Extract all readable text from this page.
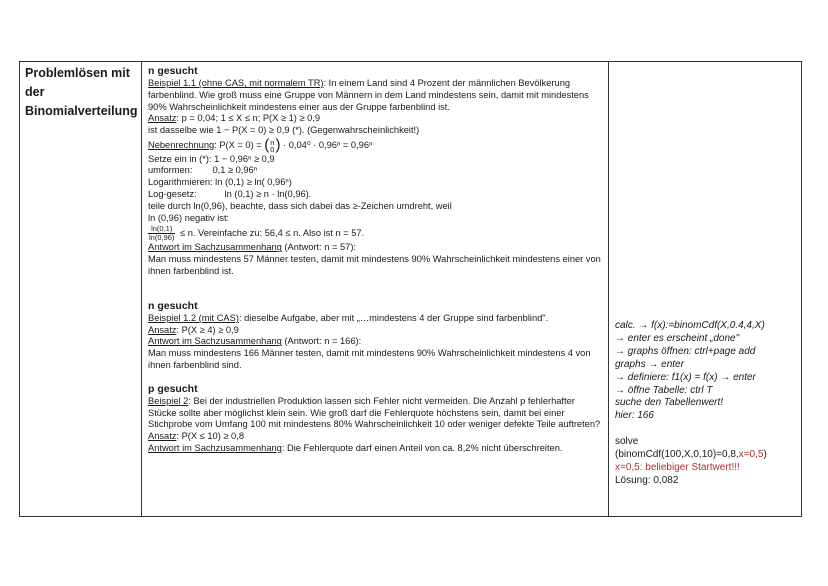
Problemlösen mit
der
Binomialverteilung
n gesucht
Beispiel 1.1 (ohne CAS, mit normalem TR): In einem Land sind 4 Prozent der männlichen Bevölkerung farbenblind. Wie groß muss eine Gruppe von Männern in dem Land mindestens sein, damit mit mindestens 90% Wahrscheinlichkeit mindestens einer aus der Gruppe farbenblind ist.
Ansatz: p = 0,04; 1 ≤ X ≤ n; P(X ≥ 1) ≥ 0,9
ist dasselbe wie 1 − P(X = 0) ≥ 0,9 (*). (Gegenwahrscheinlichkeit!)
Nebenrechnung: P(X = 0) = ( n
0 ) · 0,04⁰ · 0,96ⁿ = 0,96ⁿ
Setze ein in (*): 1 − 0,96ⁿ ≥ 0,9
umformen: 0,1 ≥ 0,96ⁿ
Logarithmieren: ln (0,1) ≥ ln( 0,96ⁿ)
Log-gesetz:	ln (0,1) ≥ n · ln(0,96).
teile durch ln(0,96), beachte, dass sich dabei das ≥-Zeichen umdreht, weil
ln (0,96) negativ ist:
$\frac{\ln(0,1)}{\ln(0,96)} \le n$. Vereinfache zu: 56,4 ≤ n. Also ist n = 57.
Antwort im Sachzusammenhang (Antwort: n = 57):
Man muss mindestens 57 Männer testen, damit mit mindestens 90% Wahrscheinlichkeit mindestens einer von ihnen farbenblind ist.
n gesucht
Beispiel 1.2 (mit CAS): dieselbe Aufgabe, aber mit „…mindestens 4 der Gruppe sind farbenblind".
Ansatz: P(X ≥ 4) ≥ 0,9
Antwort im Sachzusammenhang (Antwort: n = 166):
Man muss mindestens 166 Männer testen, damit mit mindestens 90% Wahrscheinlichkeit mindestens 4 von ihnen farbenblind sind.
p gesucht
Beispiel 2: Bei der industriellen Produktion lassen sich Fehler nicht vermeiden. Die Anzahl p fehlerhafter Stücke sollte aber möglichst klein sein. Wie groß darf die Fehlerquote höchstens sein, damit bei einer Stichprobe vom Umfang 100 mit mindestens 80% Wahrscheinlichkeit 10 oder weniger defekte Teile auftreten?
Ansatz: P(X ≤ 10) ≥ 0,8
Antwort im Sachzusammenhang: Die Fehlerquote darf einen Anteil von ca. 8,2% nicht überschreiten.
calc. → f(x):=binomCdf(X,0.4,4,X)
→ enter es erscheint „done"
→ graphs öffnen: ctrl+page add
graphs → enter
→ definiere: f1(x) = f(x) → enter
→ öffne Tabelle: ctrl T
suche den Tabellenwert!
hier: 166
solve
(binomCdf(100,X,0,10)=0,8,x=0,5)
x=0,5: beliebiger Startwert!!!
Lösung: 0,082
